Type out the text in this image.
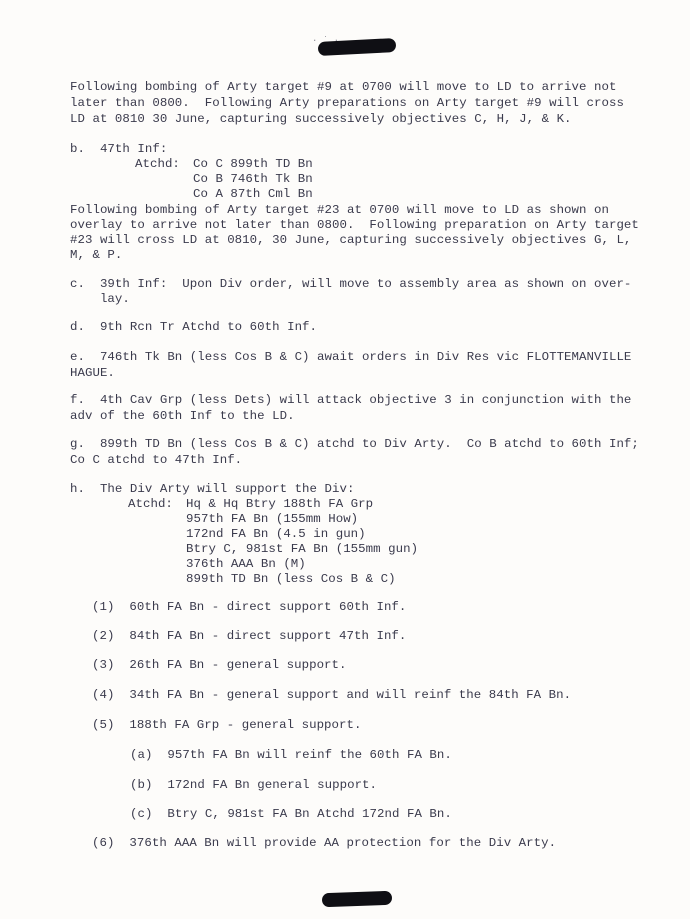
· ˙ ·
Following bombing of Arty target #9 at 0700 will move to LD to arrive not
later than 0800.  Following Arty preparations on Arty target #9 will cross
LD at 0810 30 June, capturing successively objectives C, H, J, & K.
b.  47th Inf:
Atchd: Co C 899th TD Bn
Co B 746th Tk Bn
Co A 87th Cml Bn
Following bombing of Arty target #23 at 0700 will move to LD as shown on
overlay to arrive not later than 0800.  Following preparation on Arty target
#23 will cross LD at 0810, 30 June, capturing successively objectives G, L,
M, & P.
c.  39th Inf:  Upon Div order, will move to assembly area as shown on over-
lay.
d.  9th Rcn Tr Atchd to 60th Inf.
e.  746th Tk Bn (less Cos B & C) await orders in Div Res vic FLOTTEMANVILLE
HAGUE.
f.  4th Cav Grp (less Dets) will attack objective 3 in conjunction with the
adv of the 60th Inf to the LD.
g.  899th TD Bn (less Cos B & C) atchd to Div Arty.  Co B atchd to 60th Inf;
Co C atchd to 47th Inf.
h.  The Div Arty will support the Div:
Atchd: Hq & Hq Btry 188th FA Grp
957th FA Bn (155mm How)
172nd FA Bn (4.5 in gun)
Btry C, 981st FA Bn (155mm gun)
376th AAA Bn (M)
899th TD Bn (less Cos B & C)
(1)  60th FA Bn - direct support 60th Inf.
(2)  84th FA Bn - direct support 47th Inf.
(3)  26th FA Bn - general support.
(4)  34th FA Bn - general support and will reinf the 84th FA Bn.
(5)  188th FA Grp - general support.
(a)  957th FA Bn will reinf the 60th FA Bn.
(b)  172nd FA Bn general support.
(c)  Btry C, 981st FA Bn Atchd 172nd FA Bn.
(6)  376th AAA Bn will provide AA protection for the Div Arty.
